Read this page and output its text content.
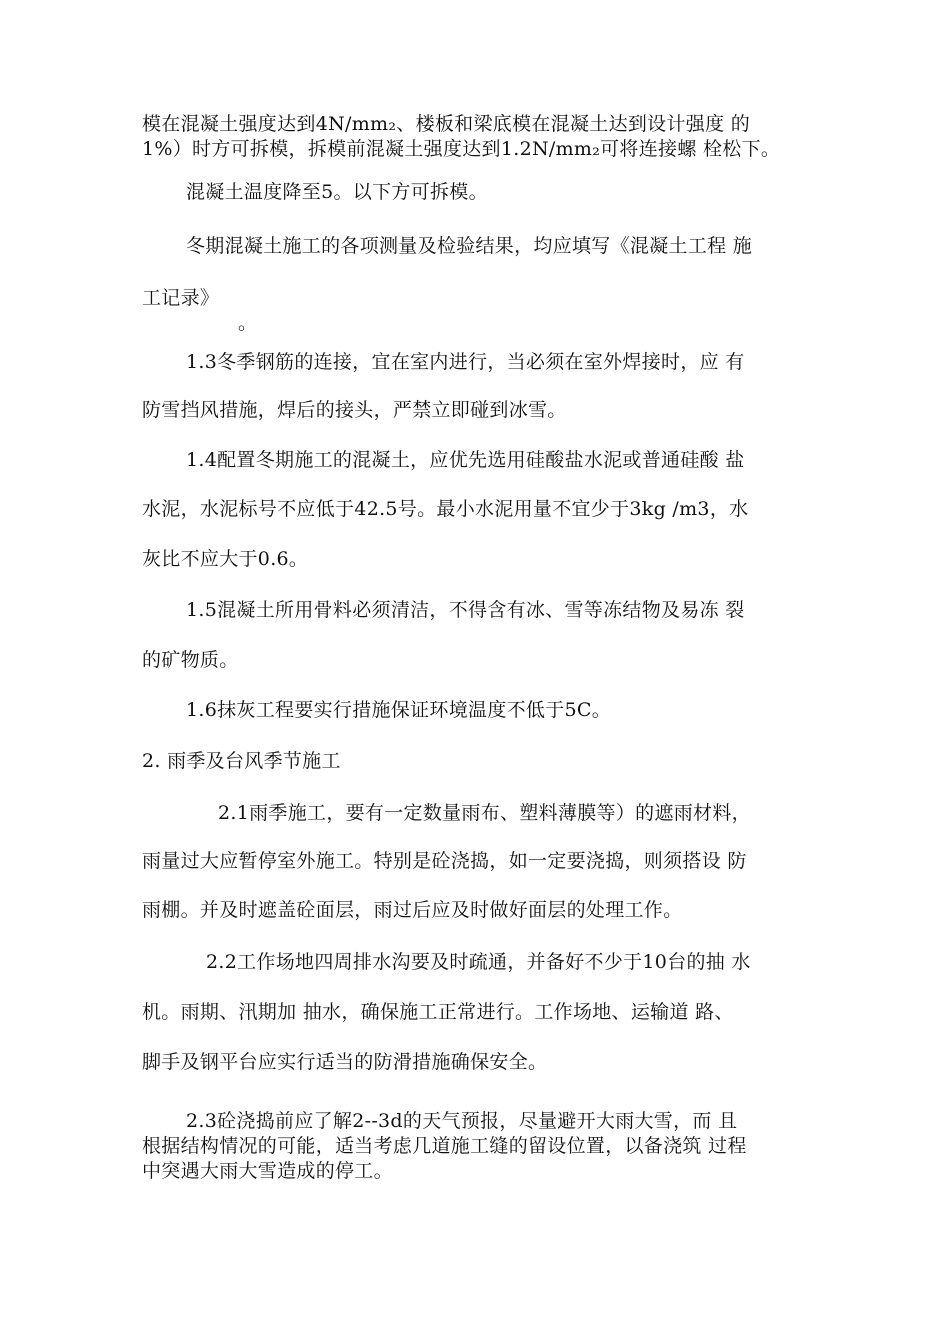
模在混凝土强度达到4N/mm₂、楼板和梁底模在混凝土达到设计强度 的
1%）时方可拆模，拆模前混凝土强度达到1.2N/mm₂可将连接螺 栓松下。
混凝土温度降至5。以下方可拆模。
冬期混凝土施工的各项测量及检验结果，均应填写《混凝土工程 施
工记录》
。
1.3冬季钢筋的连接，宜在室内进行，当必须在室外焊接时，应 有
防雪挡风措施，焊后的接头，严禁立即碰到冰雪。
1.4配置冬期施工的混凝土，应优先选用硅酸盐水泥或普通硅酸 盐
水泥，水泥标号不应低于42.5号。最小水泥用量不宜少于3kg /m3，水
灰比不应大于0.6。
1.5混凝土所用骨料必须清洁，不得含有冰、雪等冻结物及易冻 裂
的矿物质。
1.6抹灰工程要实行措施保证环境温度不低于5C。
2. 雨季及台风季节施工
2.1雨季施工，要有一定数量雨布、塑料薄膜等）的遮雨材料，
雨量过大应暂停室外施工。特别是砼浇捣，如一定要浇捣，则须搭设 防
雨棚。并及时遮盖砼面层，雨过后应及时做好面层的处理工作。
2.2工作场地四周排水沟要及时疏通，并备好不少于10台的抽 水
机。雨期、汛期加 抽水，确保施工正常进行。工作场地、运输道 路、
脚手及钢平台应实行适当的防滑措施确保安全。
2.3砼浇捣前应了解2--3d的天气预报，尽量避开大雨大雪，而 且
根据结构情况的可能，适当考虑几道施工缝的留设位置，以备浇筑 过程
中突遇大雨大雪造成的停工。
